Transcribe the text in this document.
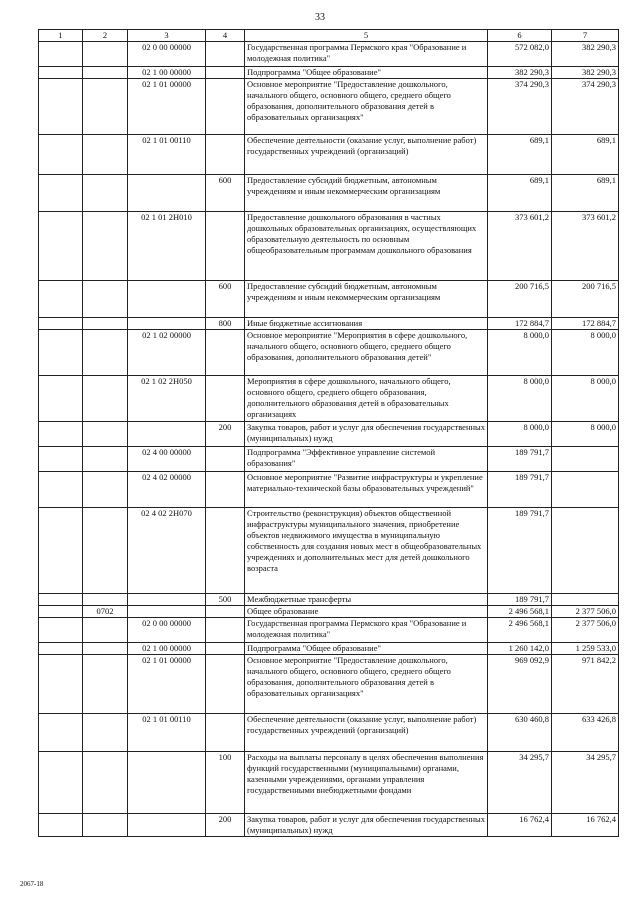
33
1	2	3	4	5	6	7
		02 0 00 00000		Государственная программа Пермского края "Образование и молодежная политика"	572 082,0	382 290,3
		02 1 00 00000		Подпрограмма "Общее образование"	382 290,3	382 290,3
		02 1 01 00000		Основное мероприятие "Предоставление дошкольного, начального общего, основного общего, среднего общего образования, дополнительного образования детей в образовательных организациях"	374 290,3	374 290,3
		02 1 01 00110		Обеспечение деятельности (оказание услуг, выполнение работ) государственных учреждений (организаций)	689,1	689,1
			600	Предоставление субсидий бюджетным, автономным учреждениям и иным некоммерческим организациям	689,1	689,1
		02 1 01 2Н010		Предоставление дошкольного образования в частных дошкольных образовательных организациях, осуществляющих образовательную деятельность по основным общеобразовательным программам дошкольного образования	373 601,2	373 601,2
			600	Предоставление субсидий бюджетным, автономным учреждениям и иным некоммерческим организациям	200 716,5	200 716,5
			800	Иные бюджетные ассигнования	172 884,7	172 884,7
		02 1 02 00000		Основное мероприятие "Мероприятия в сфере дошкольного, начального общего, основного общего, среднего общего образования, дополнительного образования детей"	8 000,0	8 000,0
		02 1 02 2Н050		Мероприятия в сфере дошкольного, начального общего, основного общего, среднего общего образования, дополнительного образования детей в образовательных организациях	8 000,0	8 000,0
			200	Закупка товаров, работ и услуг для обеспечения государственных (муниципальных) нужд	8 000,0	8 000,0
		02 4 00 00000		Подпрограмма "Эффективное управление системой образования"	189 791,7	
		02 4 02 00000		Основное мероприятие "Развитие инфраструктуры и укрепление материально-технической базы образовательных учреждений"	189 791,7	
		02 4 02 2Н070		Строительство (реконструкция) объектов общественной инфраструктуры муниципального значения, приобретение объектов недвижимого имущества в муниципальную собственность для создания новых мест в общеобразовательных учреждениях и дополнительных мест для детей дошкольного возраста	189 791,7	
			500	Межбюджетные трансферты	189 791,7	
	0702			Общее образование	2 496 568,1	2 377 506,0
		02 0 00 00000		Государственная программа Пермского края "Образование и молодежная политика"	2 496 568,1	2 377 506,0
		02 1 00 00000		Подпрограмма "Общее образование"	1 260 142,0	1 259 533,0
		02 1 01 00000		Основное мероприятие "Предоставление дошкольного, начального общего, основного общего, среднего общего образования, дополнительного образования детей в образовательных организациях"	969 092,9	971 842,2
		02 1 01 00110		Обеспечение деятельности (оказание услуг, выполнение работ) государственных учреждений (организаций)	630 460,8	633 426,8
			100	Расходы на выплаты персоналу в целях обеспечения выполнения функций государственными (муниципальными) органами, казенными учреждениями, органами управления государственными внебюджетными фондами	34 295,7	34 295,7
			200	Закупка товаров, работ и услуг для обеспечения государственных (муниципальных) нужд	16 762,4	16 762,4
2067-18
